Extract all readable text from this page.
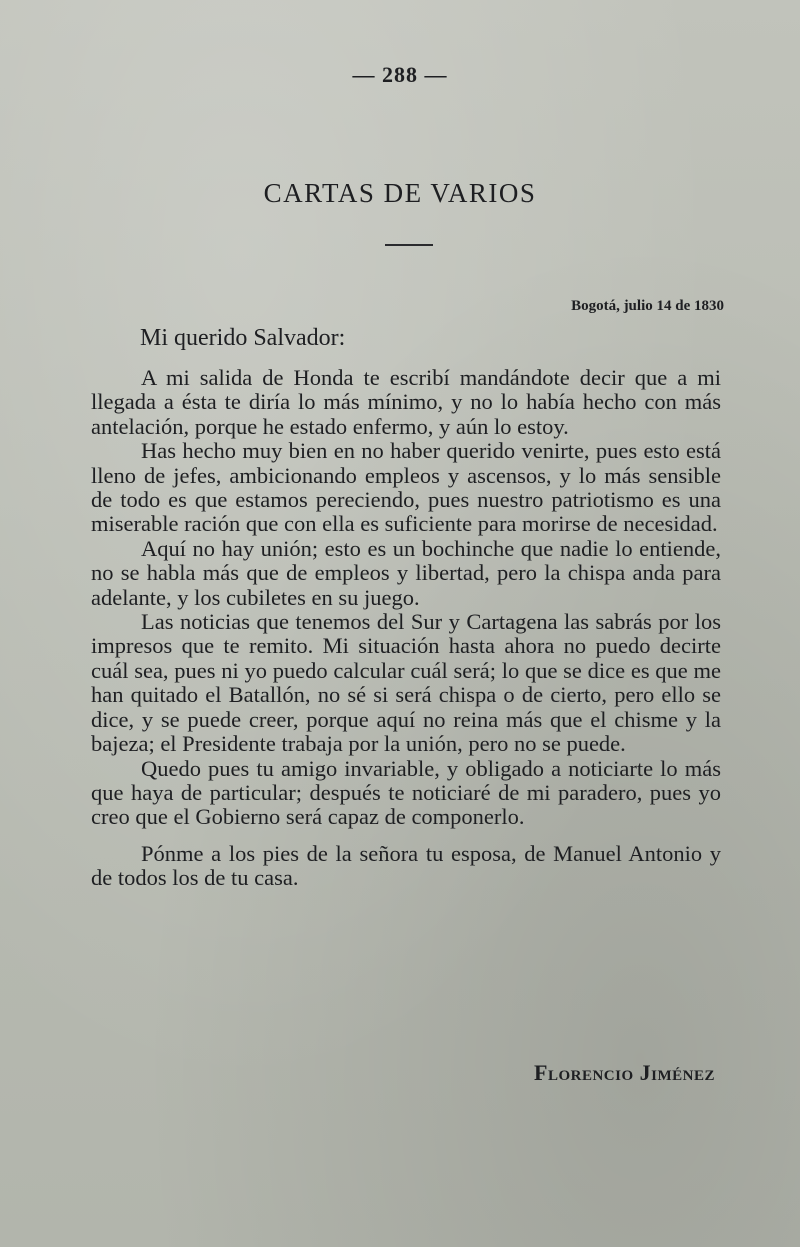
— 288 —
CARTAS DE VARIOS
Bogotá, julio 14 de 1830
Mi querido Salvador:

A mi salida de Honda te escribí mandándote decir que a mi llegada a ésta te diría lo más mínimo, y no lo había hecho con más antelación, porque he estado enfermo, y aún lo estoy.

Has hecho muy bien en no haber querido venirte, pues esto está lleno de jefes, ambicionando empleos y ascensos, y lo más sensible de todo es que estamos pereciendo, pues nuestro patriotismo es una miserable ración que con ella es suficiente para morirse de necesidad.

Aquí no hay unión; esto es un bochinche que nadie lo entiende, no se habla más que de empleos y libertad, pero la chispa anda para adelante, y los cubiletes en su juego.

Las noticias que tenemos del Sur y Cartagena las sabrás por los impresos que te remito. Mi situación hasta ahora no puedo decirte cuál sea, pues ni yo puedo calcular cuál será; lo que se dice es que me han quitado el Batallón, no sé si será chispa o de cierto, pero ello se dice, y se puede creer, porque aquí no reina más que el chisme y la bajeza; el Presidente trabaja por la unión, pero no se puede.

Quedo pues tu amigo invariable, y obligado a noticiarte lo más que haya de particular; después te noticiaré de mi paradero, pues yo creo que el Gobierno será capaz de componerlo.

Pónme a los pies de la señora tu esposa, de Manuel Antonio y de todos los de tu casa.

Florencio Jiménez
